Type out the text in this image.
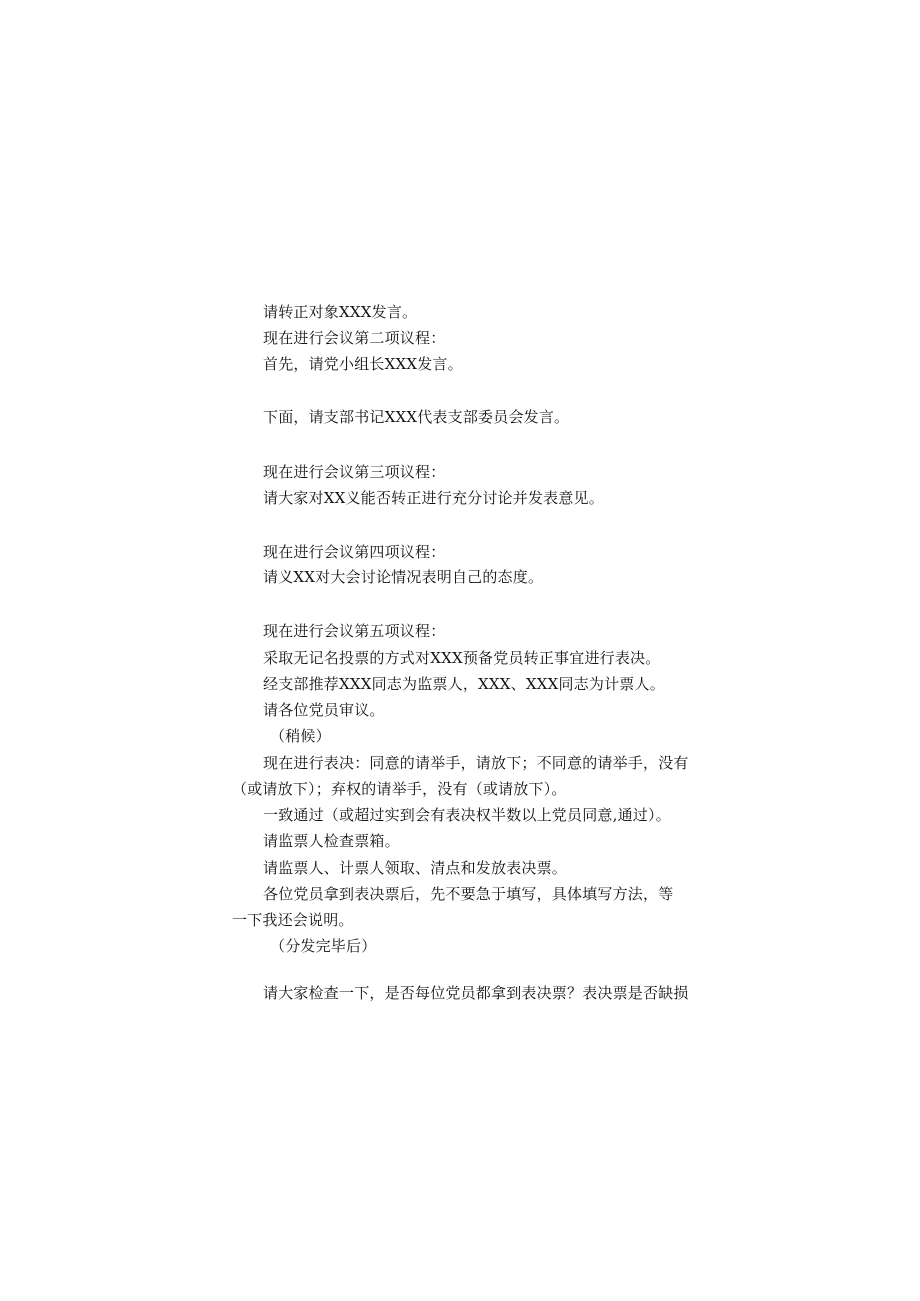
请转正对象XXX发言。
现在进行会议第二项议程：
首先，请党小组长XXX发言。
下面，请支部书记XXX代表支部委员会发言。
现在进行会议第三项议程：
请大家对XX义能否转正进行充分讨论并发表意见。
现在进行会议第四项议程：
请义XX对大会讨论情况表明自己的态度。
现在进行会议第五项议程：
采取无记名投票的方式对XXX预备党员转正事宜进行表决。
经支部推荐XXX同志为监票人，XXX、XXX同志为计票人。
请各位党员审议。
（稍候）
现在进行表决：同意的请举手，请放下；不同意的请举手，没有
（或请放下）；弃权的请举手，没有（或请放下）。
一致通过（或超过实到会有表决权半数以上党员同意,通过）。
请监票人检查票箱。
请监票人、计票人领取、清点和发放表决票。
各位党员拿到表决票后，先不要急于填写，具体填写方法，等
一下我还会说明。
（分发完毕后）
请大家检查一下，是否每位党员都拿到表决票？表决票是否缺损
